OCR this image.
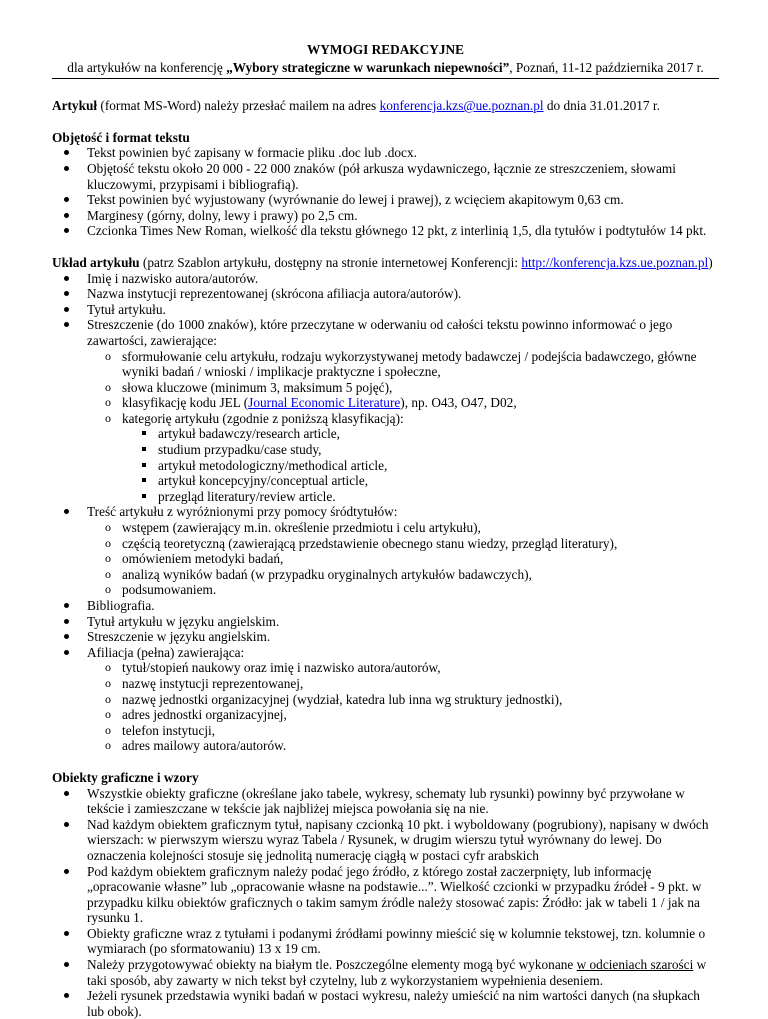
WYMOGI REDAKCYJNE

dla artykułów na konferencję „Wybory strategiczne w warunkach niepewności”, Poznań, 11-12 października 2017 r.

Artykuł (format MS-Word) należy przesłać mailem na adres konferencja.kzs@ue.poznan.pl do dnia 31.01.2017 r.

Objętość i format tekstu

Tekst powinien być zapisany w formacie pliku .doc lub .docx.
Objętość tekstu około 20 000 - 22 000 znaków (pół arkusza wydawniczego, łącznie ze streszczeniem, słowami kluczowymi, przypisami i bibliografią).
Tekst powinien być wyjustowany (wyrównanie do lewej i prawej), z wcięciem akapitowym 0,63 cm.
Marginesy (górny, dolny, lewy i prawy) po 2,5 cm.
Czcionka Times New Roman, wielkość dla tekstu głównego 12 pkt, z interlinią 1,5, dla tytułów i podtytułów 14 pkt.

Układ artykułu (patrz Szablon artykułu, dostępny na stronie internetowej Konferencji: http://konferencja.kzs.ue.poznan.pl)

Imię i nazwisko autora/autorów.
Nazwa instytucji reprezentowanej (skrócona afiliacja autora/autorów).
Tytuł artykułu.
Streszczenie (do 1000 znaków), które przeczytane w oderwaniu od całości tekstu powinno informować o jego zawartości, zawierające:
o sformułowanie celu artykułu, rodzaju wykorzystywanej metody badawczej / podejścia badawczego, główne wyniki badań / wnioski / implikacje praktyczne i społeczne,
o słowa kluczowe (minimum 3, maksimum 5 pojęć),
o klasyfikację kodu JEL (Journal Economic Literature), np. O43, O47, D02,
o kategorię artykułu (zgodnie z poniższą klasyfikacją):
artykuł badawczy/research article,
studium przypadku/case study,
artykuł metodologiczny/methodical article,
artykuł koncepcyjny/conceptual article,
przegląd literatury/review article.
Treść artykułu z wyróżnionymi przy pomocy śródtytułów:
o wstępem (zawierający m.in. określenie przedmiotu i celu artykułu),
o częścią teoretyczną (zawierającą przedstawienie obecnego stanu wiedzy, przegląd literatury),
o omówieniem metodyki badań,
o analizą wyników badań (w przypadku oryginalnych artykułów badawczych),
o podsumowaniem.
Bibliografia.
Tytuł artykułu w języku angielskim.
Streszczenie w języku angielskim.
Afiliacja (pełna) zawierająca:
o tytuł/stopień naukowy oraz imię i nazwisko autora/autorów,
o nazwę instytucji reprezentowanej,
o nazwę jednostki organizacyjnej (wydział, katedra lub inna wg struktury jednostki),
o adres jednostki organizacyjnej,
o telefon instytucji,
o adres mailowy autora/autorów.

Obiekty graficzne i wzory

Wszystkie obiekty graficzne (określane jako tabele, wykresy, schematy lub rysunki) powinny być przywołane w tekście i zamieszczane w tekście jak najbliżej miejsca powołania się na nie.
Nad każdym obiektem graficznym tytuł, napisany czcionką 10 pkt. i wyboldowany (pogrubiony), napisany w dwóch wierszach: w pierwszym wierszu wyraz Tabela / Rysunek, w drugim wierszu tytuł wyrównany do lewej. Do oznaczenia kolejności stosuje się jednolitą numerację ciągłą w postaci cyfr arabskich
Pod każdym obiektem graficznym należy podać jego źródło, z którego został zaczerpnięty, lub informację „opracowanie własne” lub „opracowanie własne na podstawie...”. Wielkość czcionki w przypadku źródeł - 9 pkt. w przypadku kilku obiektów graficznych o takim samym źródle należy stosować zapis: Źródło: jak w tabeli 1 / jak na rysunku 1.
Obiekty graficzne wraz z tytułami i podanymi źródłami powinny mieścić się w kolumnie tekstowej, tzn. kolumnie o wymiarach (po sformatowaniu) 13 x 19 cm.
Należy przygotowywać obiekty na białym tle. Poszczególne elementy mogą być wykonane w odcieniach szarości w taki sposób, aby zawarty w nich tekst był czytelny, lub z wykorzystaniem wypełnienia deseniem.
Jeżeli rysunek przedstawia wyniki badań w postaci wykresu, należy umieścić na nim wartości danych (na słupkach lub obok).
